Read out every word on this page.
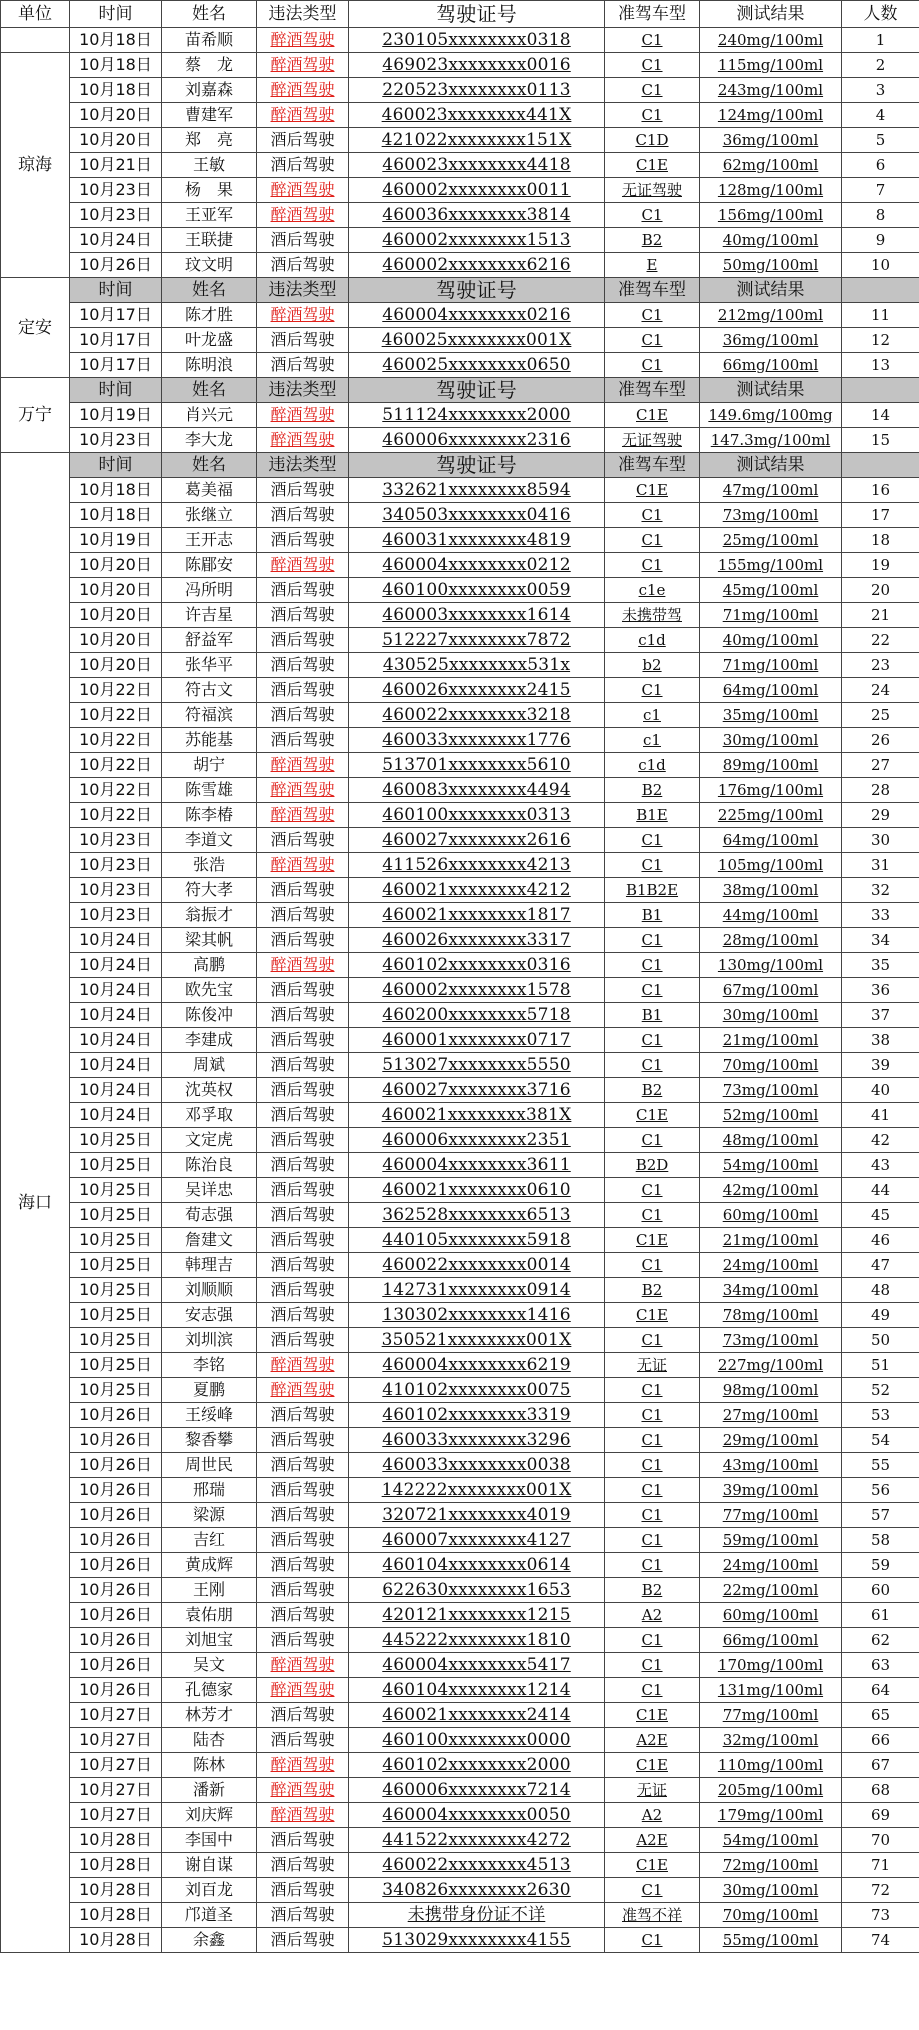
单位	时间	姓名	违法类型	驾驶证号	准驾车型	测试结果	人数
	10月18日	苗希顺	醉酒驾驶	230105xxxxxxxx0318	C1	240mg/100ml	1
琼海	10月18日	蔡　龙	醉酒驾驶	469023xxxxxxxx0016	C1	115mg/100ml	2
	10月18日	刘嘉森	醉酒驾驶	220523xxxxxxxx0113	C1	243mg/100ml	3
	10月20日	曹建军	醉酒驾驶	460023xxxxxxxx441X	C1	124mg/100ml	4
	10月20日	郑　亮	酒后驾驶	421022xxxxxxxx151X	C1D	36mg/100ml	5
	10月21日	王敏	酒后驾驶	460023xxxxxxxx4418	C1E	62mg/100ml	6
	10月23日	杨　果	醉酒驾驶	460002xxxxxxxx0011	无证驾驶	128mg/100ml	7
	10月23日	王亚军	醉酒驾驶	460036xxxxxxxx3814	C1	156mg/100ml	8
	10月24日	王联捷	酒后驾驶	460002xxxxxxxx1513	B2	40mg/100ml	9
	10月26日	玟文明	酒后驾驶	460002xxxxxxxx6216	E	50mg/100ml	10
定安	时间	姓名	违法类型	驾驶证号	准驾车型	测试结果	
	10月17日	陈才胜	醉酒驾驶	460004xxxxxxxx0216	C1	212mg/100ml	11
	10月17日	叶龙盛	酒后驾驶	460025xxxxxxxx001X	C1	36mg/100ml	12
	10月17日	陈明浪	酒后驾驶	460025xxxxxxxx0650	C1	66mg/100ml	13
万宁	时间	姓名	违法类型	驾驶证号	准驾车型	测试结果	
	10月19日	肖兴元	醉酒驾驶	511124xxxxxxxx2000	C1E	149.6mg/100mg	14
	10月23日	李大龙	醉酒驾驶	460006xxxxxxxx2316	无证驾驶	147.3mg/100ml	15
海口	时间	姓名	违法类型	驾驶证号	准驾车型	测试结果	
	10月18日	葛美福	酒后驾驶	332621xxxxxxxx8594	C1E	47mg/100ml	16
	10月18日	张继立	酒后驾驶	340503xxxxxxxx0416	C1	73mg/100ml	17
	10月19日	王开志	酒后驾驶	460031xxxxxxxx4819	C1	25mg/100ml	18
	10月20日	陈郿安	醉酒驾驶	460004xxxxxxxx0212	C1	155mg/100ml	19
	10月20日	冯所明	酒后驾驶	460100xxxxxxxx0059	c1e	45mg/100ml	20
	10月20日	许吉星	酒后驾驶	460003xxxxxxxx1614	未携带驾	71mg/100ml	21
	10月20日	舒益军	酒后驾驶	512227xxxxxxxx7872	c1d	40mg/100ml	22
	10月20日	张华平	酒后驾驶	430525xxxxxxxx531x	b2	71mg/100ml	23
	10月22日	符古文	酒后驾驶	460026xxxxxxxx2415	C1	64mg/100ml	24
	10月22日	符福滨	酒后驾驶	460022xxxxxxxx3218	c1	35mg/100ml	25
	10月22日	苏能基	酒后驾驶	460033xxxxxxxx1776	c1	30mg/100ml	26
	10月22日	胡宁	醉酒驾驶	513701xxxxxxxx5610	c1d	89mg/100ml	27
	10月22日	陈雪雄	醉酒驾驶	460083xxxxxxxx4494	B2	176mg/100ml	28
	10月22日	陈李椿	醉酒驾驶	460100xxxxxxxx0313	B1E	225mg/100ml	29
	10月23日	李道文	酒后驾驶	460027xxxxxxxx2616	C1	64mg/100ml	30
	10月23日	张浩	醉酒驾驶	411526xxxxxxxx4213	C1	105mg/100ml	31
	10月23日	符大孝	酒后驾驶	460021xxxxxxxx4212	B1B2E	38mg/100ml	32
	10月23日	翁振才	酒后驾驶	460021xxxxxxxx1817	B1	44mg/100ml	33
	10月24日	梁其帆	酒后驾驶	460026xxxxxxxx3317	C1	28mg/100ml	34
	10月24日	高鹏	醉酒驾驶	460102xxxxxxxx0316	C1	130mg/100ml	35
	10月24日	欧先宝	酒后驾驶	460002xxxxxxxx1578	C1	67mg/100ml	36
	10月24日	陈俊冲	酒后驾驶	460200xxxxxxxx5718	B1	30mg/100ml	37
	10月24日	李建成	酒后驾驶	460001xxxxxxxx0717	C1	21mg/100ml	38
	10月24日	周斌	酒后驾驶	513027xxxxxxxx5550	C1	70mg/100ml	39
	10月24日	沈英权	酒后驾驶	460027xxxxxxxx3716	B2	73mg/100ml	40
	10月24日	邓孚取	酒后驾驶	460021xxxxxxxx381X	C1E	52mg/100ml	41
	10月25日	文定虎	酒后驾驶	460006xxxxxxxx2351	C1	48mg/100ml	42
	10月25日	陈治良	酒后驾驶	460004xxxxxxxx3611	B2D	54mg/100ml	43
	10月25日	吴详忠	酒后驾驶	460021xxxxxxxx0610	C1	42mg/100ml	44
	10月25日	荀志强	酒后驾驶	362528xxxxxxxx6513	C1	60mg/100ml	45
	10月25日	詹建文	酒后驾驶	440105xxxxxxxx5918	C1E	21mg/100ml	46
	10月25日	韩理吉	酒后驾驶	460022xxxxxxxx0014	C1	24mg/100ml	47
	10月25日	刘顺顺	酒后驾驶	142731xxxxxxxx0914	B2	34mg/100ml	48
	10月25日	安志强	酒后驾驶	130302xxxxxxxx1416	C1E	78mg/100ml	49
	10月25日	刘圳滨	酒后驾驶	350521xxxxxxxx001X	C1	73mg/100ml	50
	10月25日	李铭	醉酒驾驶	460004xxxxxxxx6219	无证	227mg/100ml	51
	10月25日	夏鹏	醉酒驾驶	410102xxxxxxxx0075	C1	98mg/100ml	52
	10月26日	王绥峰	酒后驾驶	460102xxxxxxxx3319	C1	27mg/100ml	53
	10月26日	黎香攀	酒后驾驶	460033xxxxxxxx3296	C1	29mg/100ml	54
	10月26日	周世民	酒后驾驶	460033xxxxxxxx0038	C1	43mg/100ml	55
	10月26日	邢瑞	酒后驾驶	142222xxxxxxxx001X	C1	39mg/100ml	56
	10月26日	梁源	酒后驾驶	320721xxxxxxxx4019	C1	77mg/100ml	57
	10月26日	吉红	酒后驾驶	460007xxxxxxxx4127	C1	59mg/100ml	58
	10月26日	黄成辉	酒后驾驶	460104xxxxxxxx0614	C1	24mg/100ml	59
	10月26日	王刚	酒后驾驶	622630xxxxxxxx1653	B2	22mg/100ml	60
	10月26日	袁佑朋	酒后驾驶	420121xxxxxxxx1215	A2	60mg/100ml	61
	10月26日	刘旭宝	酒后驾驶	445222xxxxxxxx1810	C1	66mg/100ml	62
	10月26日	吴文	醉酒驾驶	460004xxxxxxxx5417	C1	170mg/100ml	63
	10月26日	孔德家	醉酒驾驶	460104xxxxxxxx1214	C1	131mg/100ml	64
	10月27日	林芳才	酒后驾驶	460021xxxxxxxx2414	C1E	77mg/100ml	65
	10月27日	陆杏	酒后驾驶	460100xxxxxxxx0000	A2E	32mg/100ml	66
	10月27日	陈林	醉酒驾驶	460102xxxxxxxx2000	C1E	110mg/100ml	67
	10月27日	潘新	醉酒驾驶	460006xxxxxxxx7214	无证	205mg/100ml	68
	10月27日	刘庆辉	醉酒驾驶	460004xxxxxxxx0050	A2	179mg/100ml	69
	10月28日	李国中	酒后驾驶	441522xxxxxxxx4272	A2E	54mg/100ml	70
	10月28日	谢自谋	酒后驾驶	460022xxxxxxxx4513	C1E	72mg/100ml	71
	10月28日	刘百龙	酒后驾驶	340826xxxxxxxx2630	C1	30mg/100ml	72
	10月28日	邝道圣	酒后驾驶	未携带身份证不详	准驾不祥	70mg/100ml	73
	10月28日	余鑫	酒后驾驶	513029xxxxxxxx4155	C1	55mg/100ml	74
